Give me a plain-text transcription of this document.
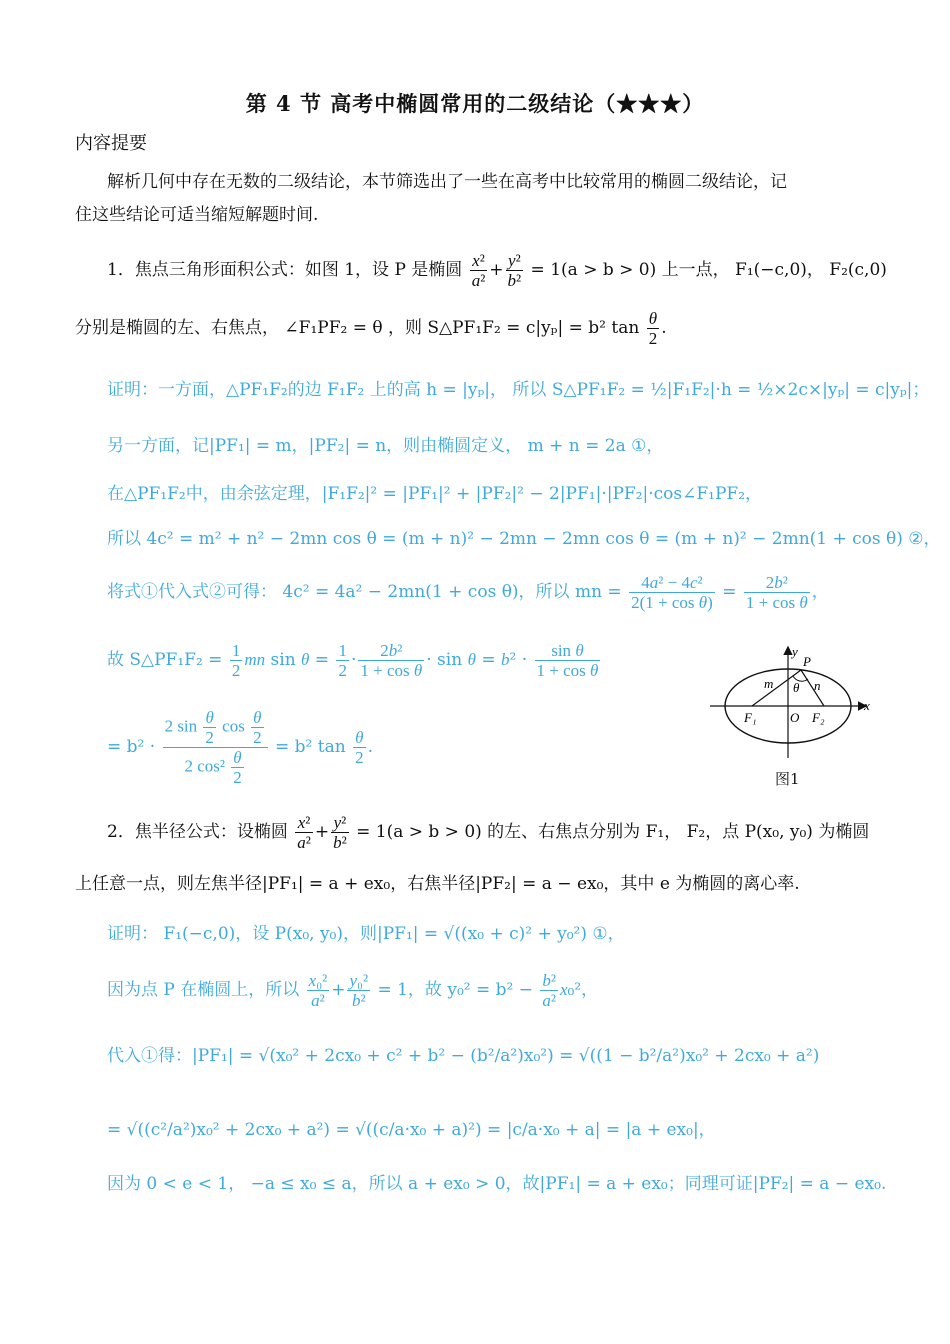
第 4 节 高考中椭圆常用的二级结论（★★★）
内容提要
解析几何中存在无数的二级结论，本节筛选出了一些在高考中比较常用的椭圆二级结论，记
住这些结论可适当缩短解题时间.
1．焦点三角形面积公式：如图 1，设 P 是椭圆 $\frac{\text{x²}}{\text{a²}} + \frac{\text{y²}}{\text{b²}} = 1(a > b > 0)$ 上一点， F₁(−c,0)， F₂(c,0)
分别是椭圆的左、右焦点， ∠F₁PF₂ = θ ，则 S△PF₁F₂ = c|yₚ| = b² $\tan \frac{\theta}{2}$ .
证明：一方面，△PF₁F₂的边 F₁F₂ 上的高 h = |yₚ|， 所以 S△PF₁F₂ = ½|F₁F₂|·h = ½×2c×|yₚ| = c|yₚ|；
另一方面，记|PF₁| = m，|PF₂| = n，则由椭圆定义， m + n = 2a ①，
在△PF₁F₂中，由余弦定理，|F₁F₂|² = |PF₁|² + |PF₂|² − 2|PF₁|·|PF₂|·cos∠F₁PF₂，
所以 4c² = m² + n² − 2mn cos θ = (m + n)² − 2mn − 2mn cos θ = (m + n)² − 2mn(1 + cos θ) ②，
将式①代入式②可得： 4c² = 4a² − 2mn(1 + cos θ)，所以 mn = $\frac{\text{4a² − 4c²}}{\text{2(1 + cos θ)}} = \frac{\text{2b²}}{\text{1 + cos θ}}$ ，
故 S△PF₁F₂ = $\frac{1}{2}$ mn $\sin \theta = \frac{1}{2} \cdot \frac{\text{2b²}}{\text{1 + cos θ}} \cdot \sin \theta = b^2 \cdot \frac{\text{sin θ}}{\text{1 + cos θ}}$
= $b^2 \cdot \frac{2 \sin \frac{\theta}{2} \cos \frac{\theta}{2}}{2 \cos^2 \frac{\theta}{2}} = b^2$ $\tan \frac{\theta}{2}$ .
y
x
P
m θ n
F₁	O F₂
图1
2．焦半径公式：设椭圆 $\frac{\text{x²}}{\text{a²}} + \frac{\text{y²}}{\text{b²}} = 1(a > b > 0)$ 的左、右焦点分别为 F₁， F₂，点 P(x₀, y₀) 为椭圆
上任意一点，则左焦半径|PF₁| = a + ex₀，右焦半径|PF₂| = a − ex₀，其中 e 为椭圆的离心率.
证明： F₁(−c,0)，设 P(x₀, y₀)，则|PF₁| = √((x₀ + c)² + y₀²) ①，
因为点 P 在椭圆上，所以 $\frac{\text{x₀²}}{\text{a²}} + \frac{\text{y₀²}}{\text{b²}} = 1$，故 $y_0^2 = b^2 - \frac{\text{b²}}{\text{a²}} x_0^2$，
代入①得：|PF₁| = √(x₀² + 2cx₀ + c² + b² − (b²/a²)x₀²) = √((1 − b²/a²)x₀² + 2cx₀ + a²)
= √((c²/a²)x₀² + 2cx₀ + a²) = √((c/a·x₀ + a)²) = |c/a·x₀ + a| = |a + ex₀|，
因为 0 < e < 1， −a ≤ x₀ ≤ a，所以 a + ex₀ > 0，故|PF₁| = a + ex₀；同理可证|PF₂| = a − ex₀.
